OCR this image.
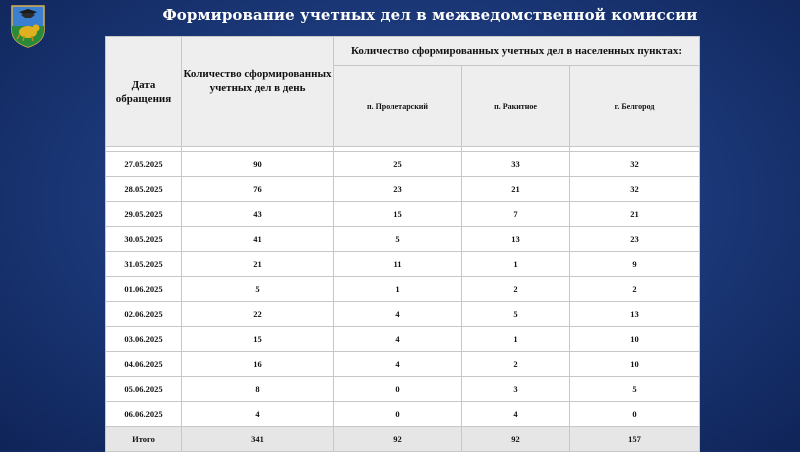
Формирование учетных дел в межведомственной комиссии
Дата обращения	Количество сформированных учетных дел в день	Количество сформированных учетных дел в населенных пунктах:		
		п. Пролетарский	п. Ракитное	г. Белгород

27.05.2025	90	25	33	32
28.05.2025	76	23	21	32
29.05.2025	43	15	7	21
30.05.2025	41	5	13	23
31.05.2025	21	11	1	9
01.06.2025	5	1	2	2
02.06.2025	22	4	5	13
03.06.2025	15	4	1	10
04.06.2025	16	4	2	10
05.06.2025	8	0	3	5
06.06.2025	4	0	4	0
Итого	341	92	92	157
